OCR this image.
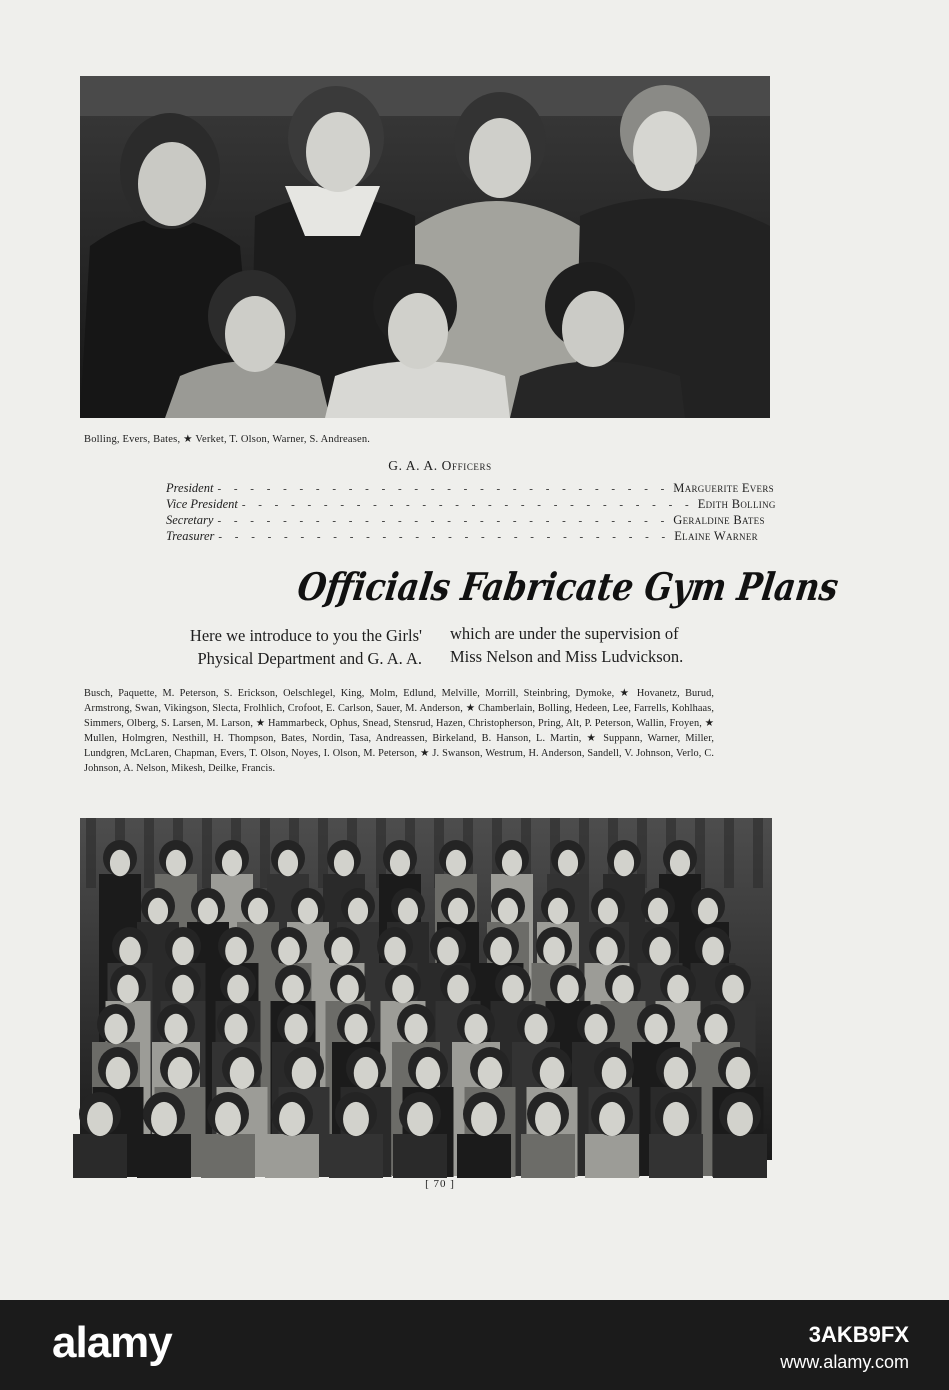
Bolling, Evers, Bates, ★ Verket, T. Olson, Warner, S. Andreasen.
G. A. A. Officers
President - - - - - - - - - - - - - - - - - - - - - - - - - - - - Marguerite Evers
Vice President - - - - - - - - - - - - - - - - - - - - - - - - - - - - Edith Bolling
Secretary - - - - - - - - - - - - - - - - - - - - - - - - - - - - Geraldine Bates
Treasurer - - - - - - - - - - - - - - - - - - - - - - - - - - - - Elaine Warner
Officials Fabricate Gym Plans
Here we introduce to you the Girls'
Physical Department and G. A. A.
which are under the supervision of
Miss Nelson and Miss Ludvickson.
Busch, Paquette, M. Peterson, S. Erickson, Oelschlegel, King, Molm, Edlund, Melville, Morrill, Steinbring, Dymoke, ★ Hovanetz, Burud, Armstrong, Swan, Vikingson, Slecta, Frolhlich, Crofoot, E. Carlson, Sauer, M. Anderson, ★ Chamberlain, Bolling, Hedeen, Lee, Farrells, Kohlhaas, Simmers, Olberg, S. Larsen, M. Larson, ★ Hammarbeck, Ophus, Snead, Stensrud, Hazen, Christopherson, Pring, Alt, P. Peterson, Wallin, Froyen, ★ Mullen, Holmgren, Nesthill, H. Thompson, Bates, Nordin, Tasa, Andreassen, Birkeland, B. Hanson, L. Martin, ★ Suppann, Warner, Miller, Lundgren, McLaren, Chapman, Evers, T. Olson, Noyes, I. Olson, M. Peterson, ★ J. Swanson, Westrum, H. Anderson, Sandell, V. Johnson, Verlo, C. Johnson, A. Nelson, Mikesh, Deilke, Francis.
[ 70 ]
alamy	3AKB9FX
www.alamy.com
